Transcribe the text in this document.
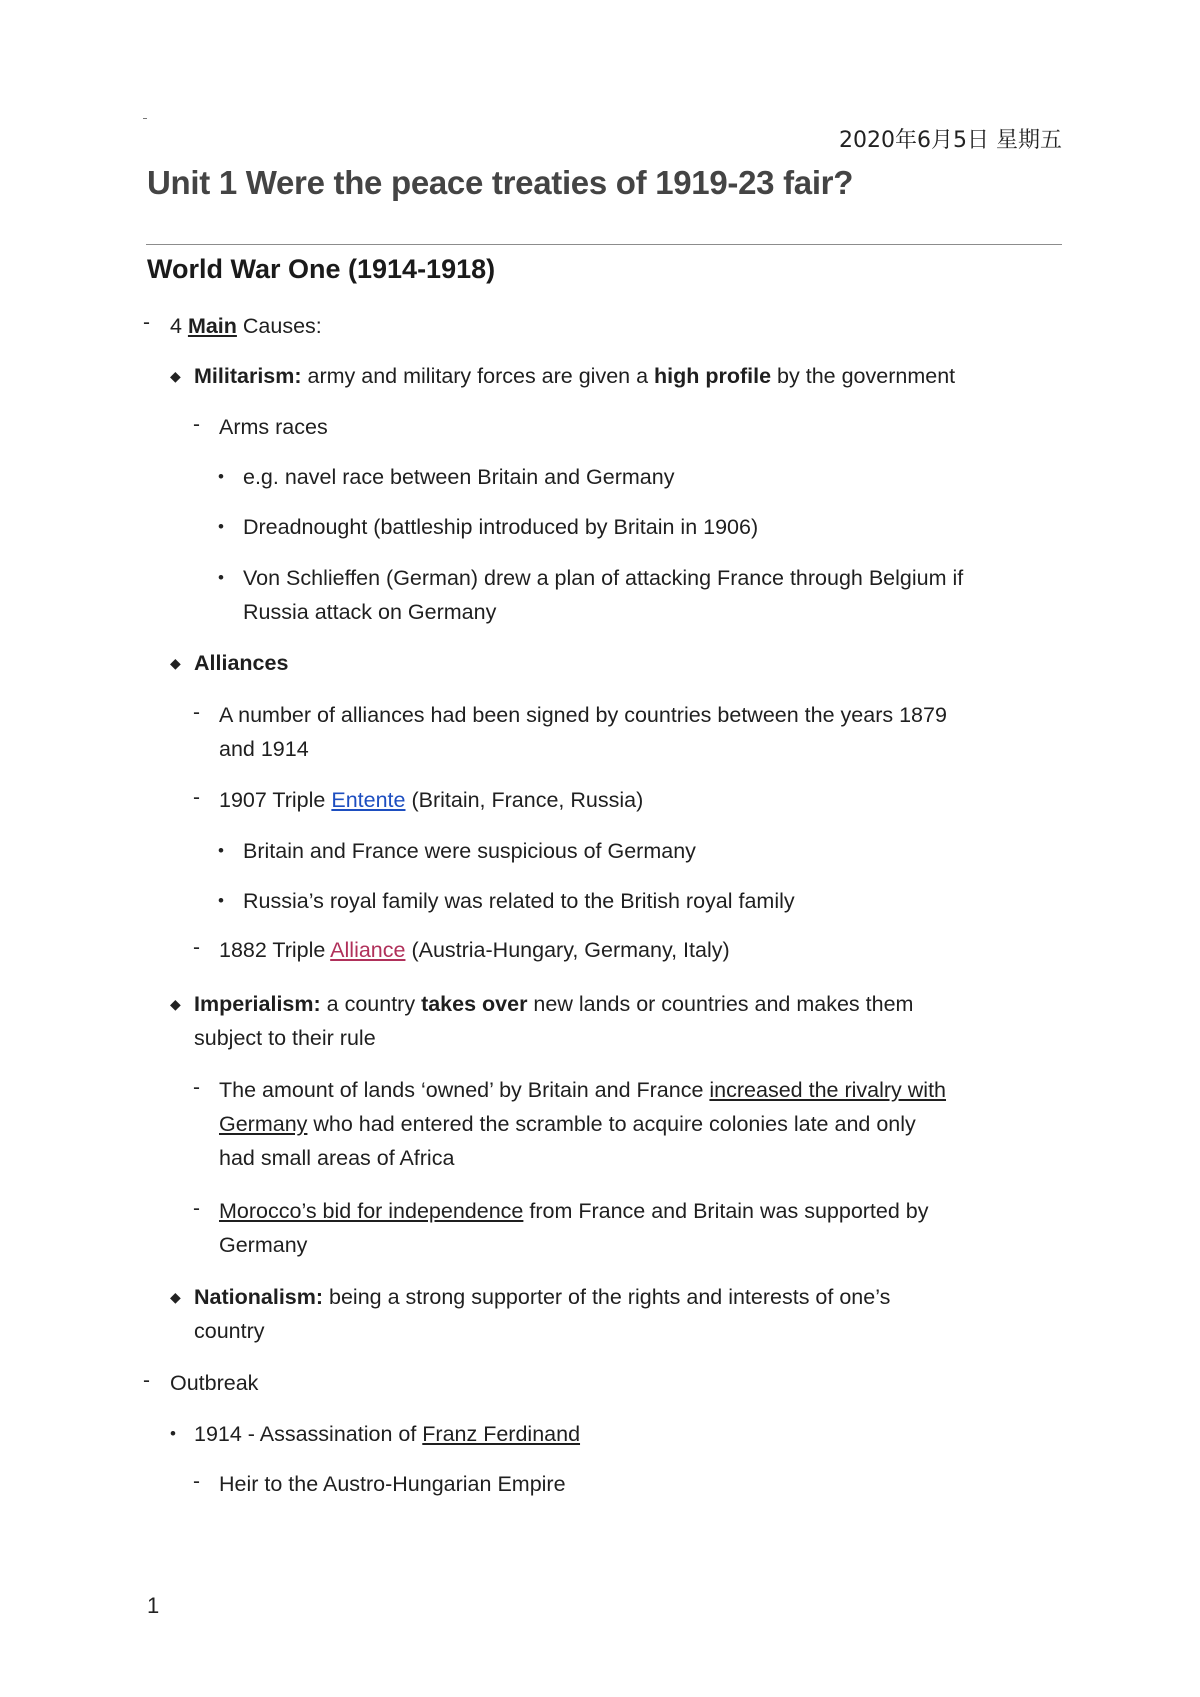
2020年6月5日 星期五
Unit 1 Were the peace treaties of 1919-23 fair?
World War One (1914-1918)
- 4 Main Causes:
◆ Militarism: army and military forces are given a high profile by the government
- Arms races
• e.g. navel race between Britain and Germany
• Dreadnought (battleship introduced by Britain in 1906)
• Von Schlieffen (German) drew a plan of attacking France through Belgium if
Russia attack on Germany
◆ Alliances
- A number of alliances had been signed by countries between the years 1879
and 1914
- 1907 Triple Entente (Britain, France, Russia)
• Britain and France were suspicious of Germany
• Russia’s royal family was related to the British royal family
- 1882 Triple Alliance (Austria-Hungary, Germany, Italy)
◆ Imperialism: a country takes over new lands or countries and makes them
subject to their rule
- The amount of lands ‘owned’ by Britain and France increased the rivalry with
Germany who had entered the scramble to acquire colonies late and only
had small areas of Africa
- Morocco’s bid for independence from France and Britain was supported by
Germany
◆ Nationalism: being a strong supporter of the rights and interests of one’s
country
- Outbreak
• 1914 - Assassination of Franz Ferdinand
- Heir to the Austro-Hungarian Empire
1
